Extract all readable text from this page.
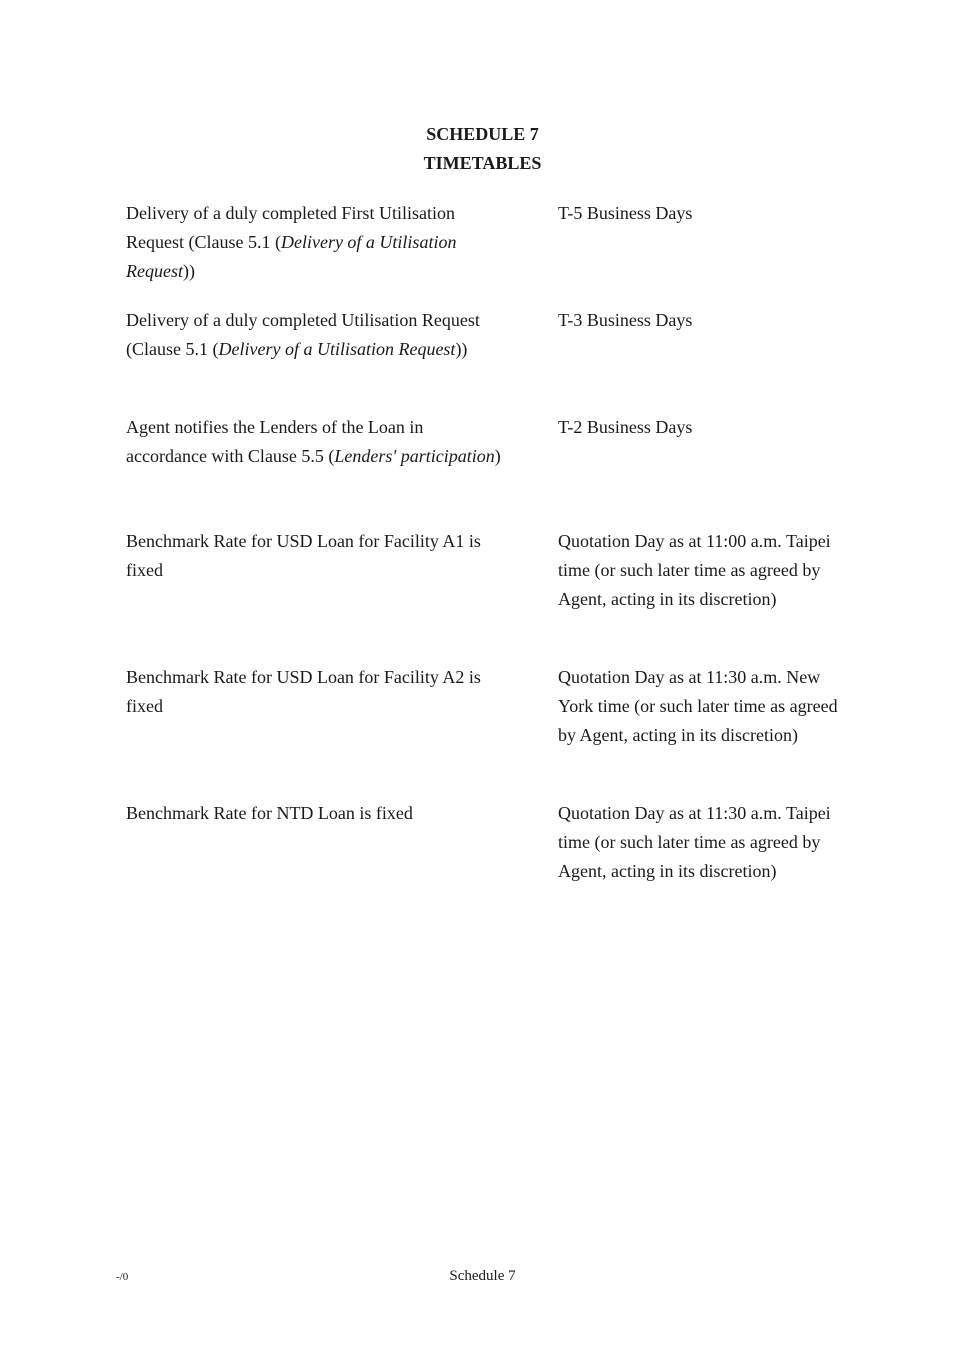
SCHEDULE 7
TIMETABLES
Delivery of a duly completed First Utilisation Request (Clause 5.1 (Delivery of a Utilisation Request))
T-5 Business Days
Delivery of a duly completed Utilisation Request (Clause 5.1 (Delivery of a Utilisation Request))
T-3 Business Days
Agent notifies the Lenders of the Loan in accordance with Clause 5.5 (Lenders' participation)
T-2 Business Days
Benchmark Rate for USD Loan for Facility A1 is fixed
Quotation Day as at 11:00 a.m. Taipei time (or such later time as agreed by Agent, acting in its discretion)
Benchmark Rate for USD Loan for Facility A2 is fixed
Quotation Day as at 11:30 a.m. New York time (or such later time as agreed by Agent, acting in its discretion)
Benchmark Rate for NTD Loan is fixed	Quotation Day as at 11:30 a.m. Taipei time (or such later time as agreed by Agent, acting in its discretion)
-/0	Schedule 7
